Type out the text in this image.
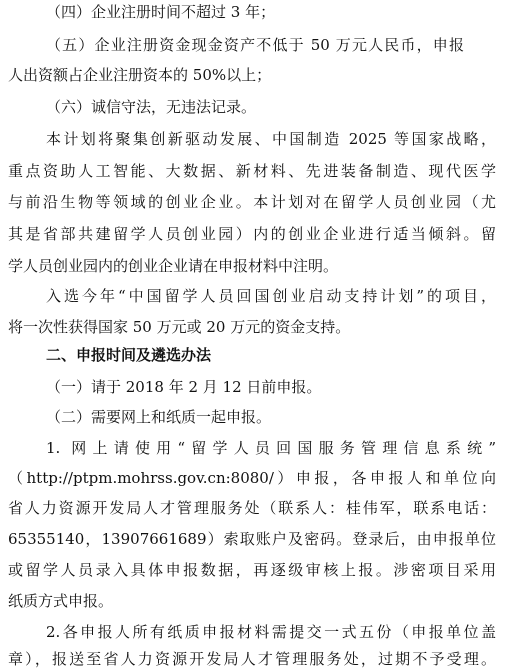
（四）企业注册时间不超过 3 年；
（五）企业注册资金现金资产不低于 50 万元人民币，申报
人出资额占企业注册资本的 50%以上；
（六）诚信守法，无违法记录。
本计划将聚集创新驱动发展、中国制造 2025 等国家战略，
重点资助人工智能、大数据、新材料、先进装备制造、现代医学
与前沿生物等领域的创业企业。本计划对在留学人员创业园（尤
其是省部共建留学人员创业园）内的创业企业进行适当倾斜。留
学人员创业园内的创业企业请在申报材料中注明。
入选今年“中国留学人员回国创业启动支持计划”的项目，
将一次性获得国家 50 万元或 20 万元的资金支持。
二、申报时间及遴选办法
（一）请于 2018 年 2 月 12 日前申报。
（二）需要网上和纸质一起申报。
1. 网上请使用“留学人员回国服务管理信息系统”
（http://ptpm.mohrss.gov.cn:8080/）申报，各申报人和单位向
省人力资源开发局人才管理服务处（联系人：桂伟军，联系电话：
65355140，13907661689）索取账户及密码。登录后，由申报单位
或留学人员录入具体申报数据，再逐级审核上报。涉密项目采用
纸质方式申报。
2.各申报人所有纸质申报材料需提交一式五份（申报单位盖
章），报送至省人力资源开发局人才管理服务处，过期不予受理。
